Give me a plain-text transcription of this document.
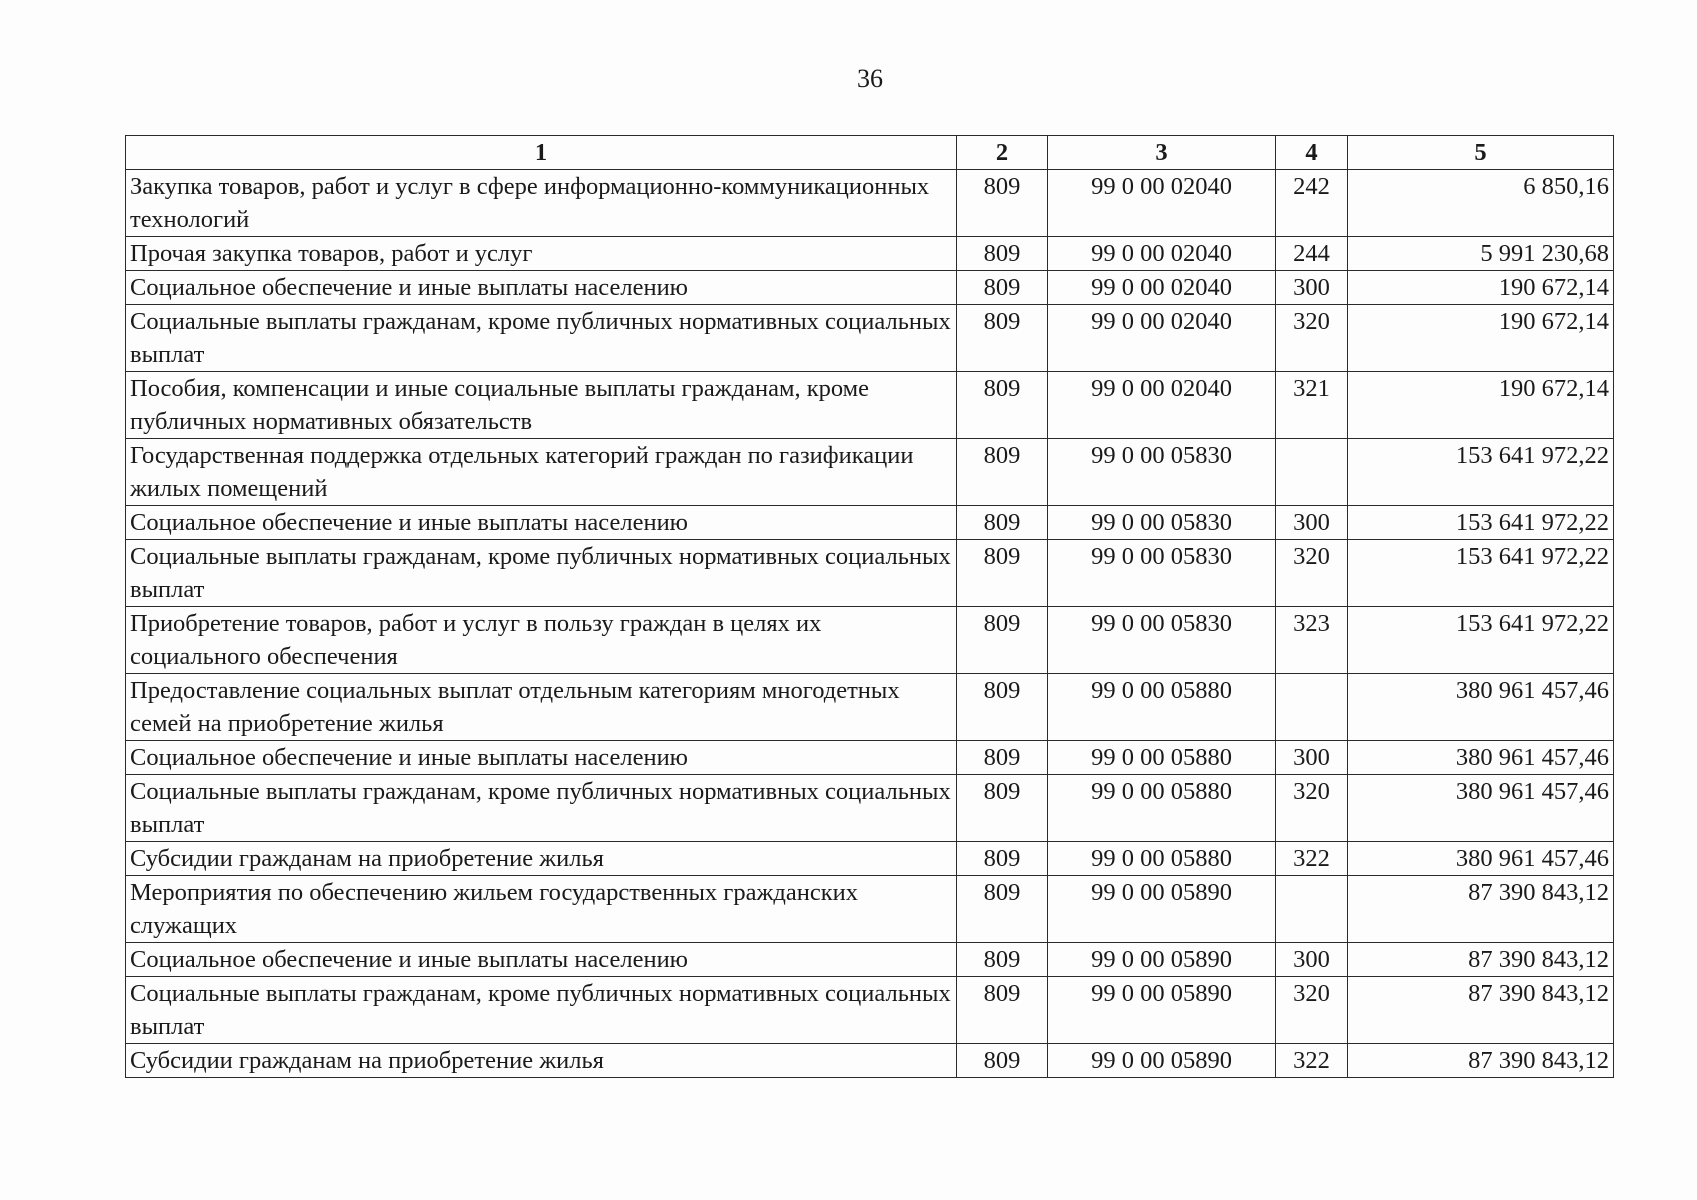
36
1	2	3	4	5
Закупка товаров, работ и услуг в сфере информационно-коммуникационных технологий	809	99 0 00 02040	242	6 850,16
Прочая закупка товаров, работ и услуг	809	99 0 00 02040	244	5 991 230,68
Социальное обеспечение и иные выплаты населению	809	99 0 00 02040	300	190 672,14
Социальные выплаты гражданам, кроме публичных нормативных социальных выплат	809	99 0 00 02040	320	190 672,14
Пособия, компенсации и иные социальные выплаты гражданам, кроме публичных нормативных обязательств	809	99 0 00 02040	321	190 672,14
Государственная поддержка отдельных категорий граждан по газификации жилых помещений	809	99 0 00 05830		153 641 972,22
Социальное обеспечение и иные выплаты населению	809	99 0 00 05830	300	153 641 972,22
Социальные выплаты гражданам, кроме публичных нормативных социальных выплат	809	99 0 00 05830	320	153 641 972,22
Приобретение товаров, работ и услуг в пользу граждан в целях их социального обеспечения	809	99 0 00 05830	323	153 641 972,22
Предоставление социальных выплат отдельным категориям многодетных семей на приобретение жилья	809	99 0 00 05880		380 961 457,46
Социальное обеспечение и иные выплаты населению	809	99 0 00 05880	300	380 961 457,46
Социальные выплаты гражданам, кроме публичных нормативных социальных выплат	809	99 0 00 05880	320	380 961 457,46
Субсидии гражданам на приобретение жилья	809	99 0 00 05880	322	380 961 457,46
Мероприятия по обеспечению жильем государственных гражданских служащих	809	99 0 00 05890		87 390 843,12
Социальное обеспечение и иные выплаты населению	809	99 0 00 05890	300	87 390 843,12
Социальные выплаты гражданам, кроме публичных нормативных социальных выплат	809	99 0 00 05890	320	87 390 843,12
Субсидии гражданам на приобретение жилья	809	99 0 00 05890	322	87 390 843,12
